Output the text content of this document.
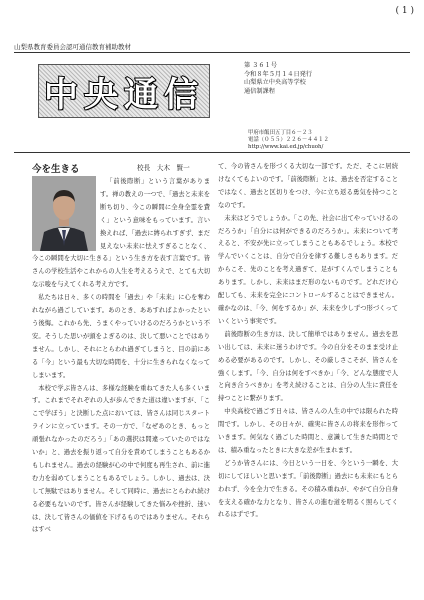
( 1 )
山梨県教育委員会認可通信教育補助教材
中央通信
第 ３６１号
令和８年５月１４日発行
山梨県立中央高等学校
通信制課程
甲府市飯田五丁目６－２３
電話（０５５）２２６－４４１２
http://www.kai.ed.jp/chuoh/
今を生きる	校長　大木　賢一

「前後際断」という言葉があります。禅の教えの一つで、「過去と未来を断ち切り、今この瞬間に全身全霊を費く」という意味をもっています。言い換えれば、「過去に縛られすぎず、まだ見えない未来に怯えすぎることなく、今この瞬間を大切に生きる」という生き方を表す言葉です。皆さんの学校生活やこれからの人生を考えるうえで、とても大切な示唆を与えてくれる考え方です。

私たちは日々、多くの時間を「過去」や「未来」に心を奪われながら過ごしています。あのとき、ああすればよかったという後悔。これから先、うまくやっていけるのだろうかという不安。そうした思いが頭をよぎるのは、決して悪いことではありません。しかし、それにとらわれ過ぎてしまうと、目の前にある「今」という最も大切な時間を、十分に生きられなくなってしまいます。

本校で学ぶ皆さんは、多様な経験を重ねてきた人も多くいます。これまでそれぞれの人が歩んできた道は違いますが、「ここで学ぼう」と決断した点においては、皆さんは同じスタートラインに立っています。その一方で、「なぜあのとき、もっと頑張れなかったのだろう」「あの選択は間違っていたのではないか」と、過去を振り返って自分を責めてしまうこともあるかもしれません。過去の経験が心の中で何度も再生され、前に進む力を弱めてしまうこともあるでしょう。しかし、過去は、決して無駄ではありません。そして同時に、過去にとらわれ続ける必要もないのです。皆さんが経験してきた悩みや挫折、迷いは、決して皆さんの価値を下げるものではありません。それらはすべ

て、今の皆さんを形づくる大切な一部です。ただ、そこに居続けなくてもよいのです。「前後際断」とは、過去を否定することではなく、過去と区切りをつけ、今に立ち返る勇気を持つことなのです。

未来はどうでしょうか。「この先、社会に出てやっていけるのだろうか」「自分には何ができるのだろうか」。未来について考えると、不安が先に立ってしまうこともあるでしょう。本校で学んでいくことは、自分で自分を律する難しさもあります。だからこそ、先のことを考え過ぎて、足がすくんでしまうこともあります。しかし、未来はまだ形のないものです。どれだけ心配しても、未来を完全にコントロールすることはできません。確かなのは、「今、何をするか」が、未来を少しずつ形づくっていくという事実です。

前後際断の生き方は、決して簡単ではありません。過去を思い出しては、未来に迷うわけです。今の自分をそのまま受け止める必要があるのです。しかし、その厳しさこそが、皆さんを強くします。「今、自分は何をすべきか」「今、どんな態度で人と向き合うべきか」を考え続けることは、自分の人生に責任を持つことに繋がります。

中央高校で過ごす日々は、皆さんの人生の中では限られた時間です。しかし、その日々が、確実に皆さんの将来を形作っていきます。何気なく過ごした時間と、意識して生きた時間とでは、積み重なったときに大きな差が生まれます。

どうか皆さんには、今日という一日を、今という一瞬を、大切にしてほしいと思います。「前後際断」過去にも未来にもとらわれず、今を全力で生きる。その積み重ねが、やがて自分自身を支える確かな力となり、皆さんの進む道を明るく照らしてくれるはずです。
